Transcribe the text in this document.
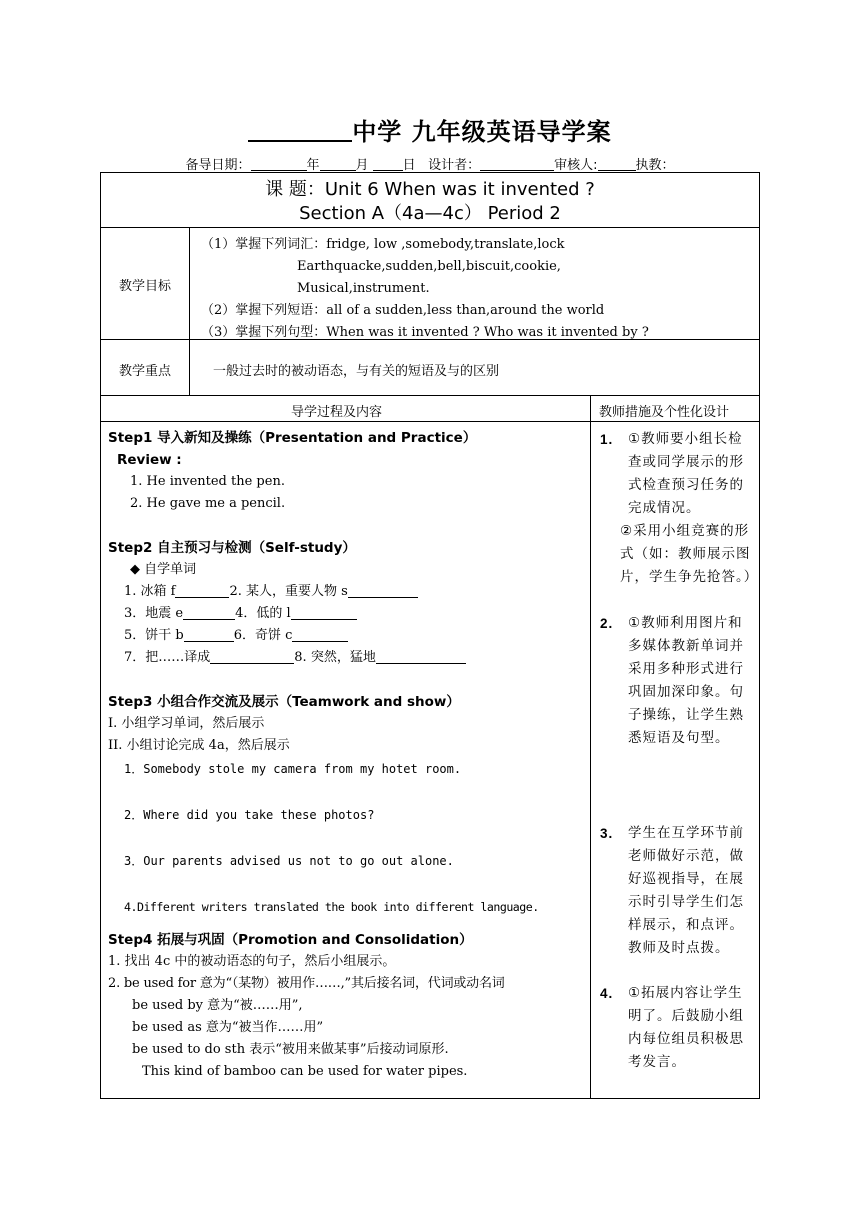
中学 九年级英语导学案
备导日期：	年	月	日 设计者：	审核人:	执教：
课 题：Unit 6 When was it invented ?
Section A（4a—4c） Period 2
教学目标
（1）掌握下列词汇：fridge, low ,somebody,translate,lock
Earthquacke,sudden,bell,biscuit,cookie,
Musical,instrument.
（2）掌握下列短语：all of a sudden,less than,around the world
（3）掌握下列句型：When was it invented ? Who was it invented by ?
教学重点	一般过去时的被动语态，与有关的短语及与的区别
导学过程及内容	教师措施及个性化设计
Step1 导入新知及操练（Presentation and Practice）
Review :
1. He invented the pen.
2. He gave me a pencil.
Step2 自主预习与检测（Self-study）
◆ 自学单词
1. 冰箱 f	2. 某人，重要人物 s
3．地震 e	4．低的 l
5．饼干 b	6．奇饼 c
7．把……译成	8. 突然，猛地
Step3 小组合作交流及展示（Teamwork and show）
I. 小组学习单词，然后展示
II. 小组讨论完成 4a，然后展示
1．Somebody stole my camera from my hotet room.
2．Where did you take these photos?
3．Our parents advised us not to go out alone.
4.Different writers translated the book into different language.
Step4 拓展与巩固（Promotion and Consolidation）
1. 找出 4c 中的被动语态的句子，然后小组展示。
2. be used for 意为“（某物）被用作……,”其后接名词，代词或动名词
be used by 意为“被……用”,
be used as 意为“被当作……用”
be used to do sth 表示“被用来做某事”后接动词原形.
This kind of bamboo can be used for water pipes.
1. ①教师要小组长检查或同学展示的形式检查预习任务的完成情况。
②采用小组竞赛的形式（如：教师展示图片，学生争先抢答。）
2. ①教师利用图片和多媒体教新单词并采用多种形式进行巩固加深印象。句子操练，让学生熟悉短语及句型。
3. 学生在互学环节前老师做好示范，做好巡视指导，在展示时引导学生们怎样展示，和点评。教师及时点拨。
4. ①拓展内容让学生明了。后鼓励小组内每位组员积极思考发言。
